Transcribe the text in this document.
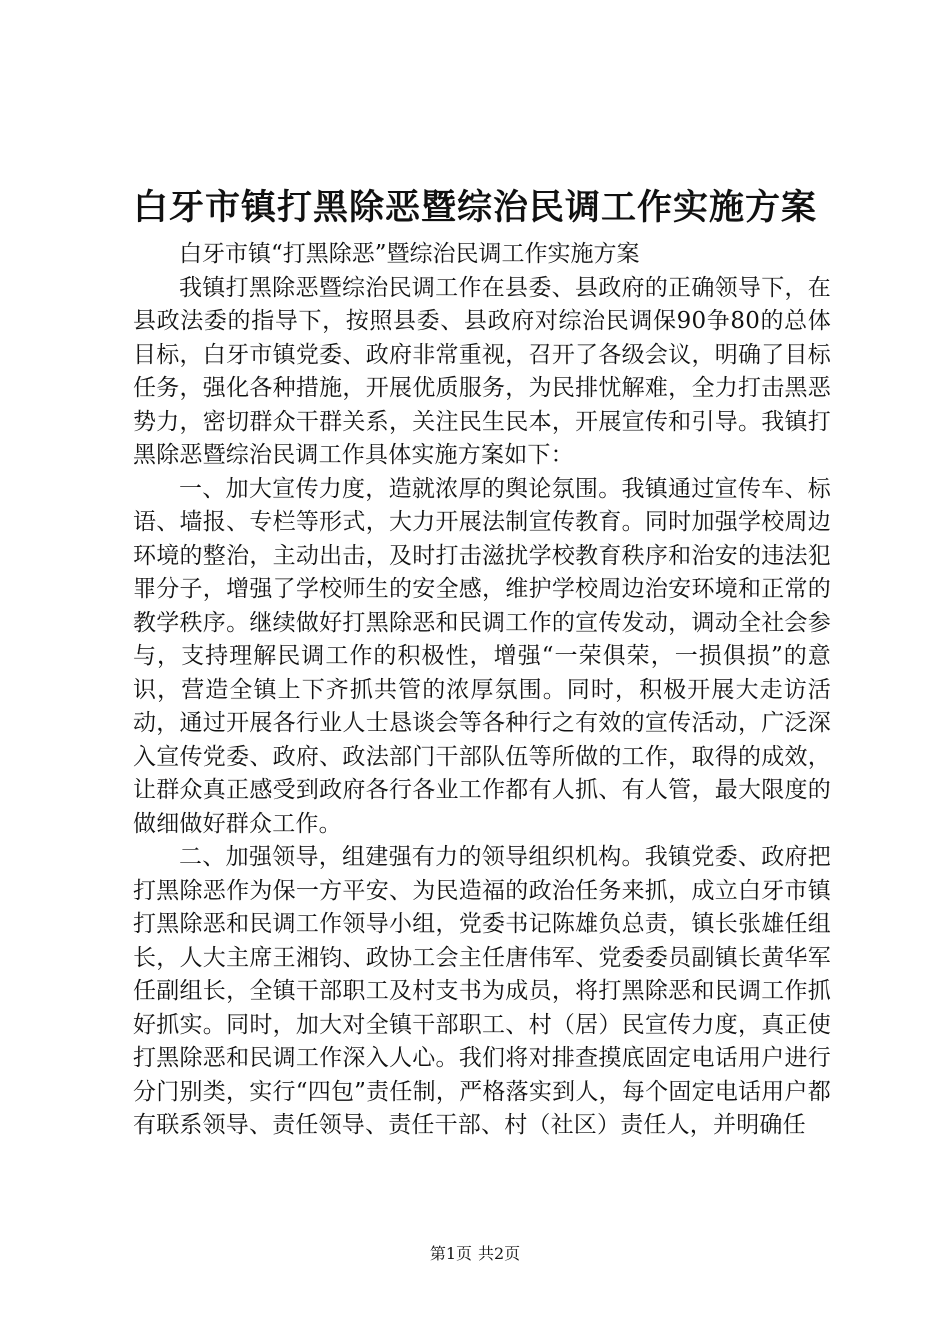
白牙市镇打黑除恶暨综治民调工作实施方案

白牙市镇“打黑除恶”暨综治民调工作实施方案

我镇打黑除恶暨综治民调工作在县委、县政府的正确领导下，在县政法委的指导下，按照县委、县政府对综治民调保90争80的总体目标，白牙市镇党委、政府非常重视，召开了各级会议，明确了目标任务，强化各种措施，开展优质服务，为民排忧解难，全力打击黑恶势力，密切群众干群关系，关注民生民本，开展宣传和引导。我镇打黑除恶暨综治民调工作具体实施方案如下：

一、加大宣传力度，造就浓厚的舆论氛围。我镇通过宣传车、标语、墙报、专栏等形式，大力开展法制宣传教育。同时加强学校周边环境的整治，主动出击，及时打击滋扰学校教育秩序和治安的违法犯罪分子，增强了学校师生的安全感，维护学校周边治安环境和正常的教学秩序。继续做好打黑除恶和民调工作的宣传发动，调动全社会参与，支持理解民调工作的积极性，增强“一荣俱荣，一损俱损”的意识，营造全镇上下齐抓共管的浓厚氛围。同时，积极开展大走访活动，通过开展各行业人士恳谈会等各种行之有效的宣传活动，广泛深入宣传党委、政府、政法部门干部队伍等所做的工作，取得的成效，让群众真正感受到政府各行各业工作都有人抓、有人管，最大限度的做细做好群众工作。

二、加强领导，组建强有力的领导组织机构。我镇党委、政府把打黑除恶作为保一方平安、为民造福的政治任务来抓，成立白牙市镇打黑除恶和民调工作领导小组，党委书记陈雄负总责，镇长张雄任组长，人大主席王湘钧、政协工会主任唐伟军、党委委员副镇长黄华军任副组长，全镇干部职工及村支书为成员，将打黑除恶和民调工作抓好抓实。同时，加大对全镇干部职工、村（居）民宣传力度，真正使打黑除恶和民调工作深入人心。我们将对排查摸底固定电话用户进行分门别类，实行“四包”责任制，严格落实到人，每个固定电话用户都有联系领导、责任领导、责任干部、村（社区）责任人，并明确任

第1页 共2页
